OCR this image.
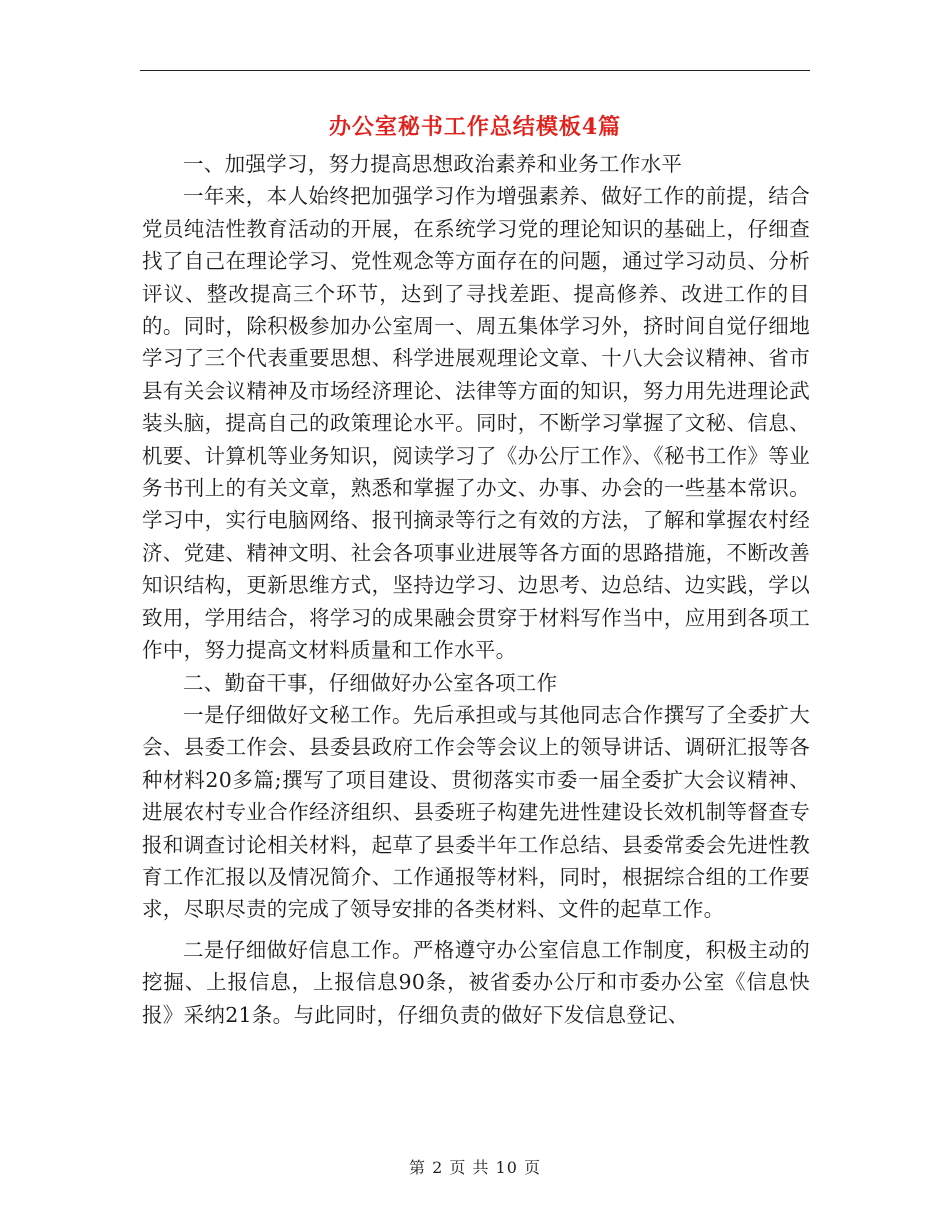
办公室秘书工作总结模板4篇

一、加强学习，努力提高思想政治素养和业务工作水平

一年来，本人始终把加强学习作为增强素养、做好工作的前提，结合党员纯洁性教育活动的开展，在系统学习党的理论知识的基础上，仔细查找了自己在理论学习、党性观念等方面存在的问题，通过学习动员、分析评议、整改提高三个环节，达到了寻找差距、提高修养、改进工作的目的。同时，除积极参加办公室周一、周五集体学习外，挤时间自觉仔细地学习了三个代表重要思想、科学进展观理论文章、十八大会议精神、省市县有关会议精神及市场经济理论、法律等方面的知识，努力用先进理论武装头脑，提高自己的政策理论水平。同时，不断学习掌握了文秘、信息、机要、计算机等业务知识，阅读学习了《办公厅工作》、《秘书工作》等业务书刊上的有关文章，熟悉和掌握了办文、办事、办会的一些基本常识。学习中，实行电脑网络、报刊摘录等行之有效的方法，了解和掌握农村经济、党建、精神文明、社会各项事业进展等各方面的思路措施，不断改善知识结构，更新思维方式，坚持边学习、边思考、边总结、边实践，学以致用，学用结合，将学习的成果融会贯穿于材料写作当中，应用到各项工作中，努力提高文材料质量和工作水平。

二、勤奋干事，仔细做好办公室各项工作

一是仔细做好文秘工作。先后承担或与其他同志合作撰写了全委扩大会、县委工作会、县委县政府工作会等会议上的领导讲话、调研汇报等各种材料20多篇;撰写了项目建设、贯彻落实市委一届全委扩大会议精神、进展农村专业合作经济组织、县委班子构建先进性建设长效机制等督查专报和调查讨论相关材料，起草了县委半年工作总结、县委常委会先进性教育工作汇报以及情况简介、工作通报等材料，同时，根据综合组的工作要求，尽职尽责的完成了领导安排的各类材料、文件的起草工作。

二是仔细做好信息工作。严格遵守办公室信息工作制度，积极主动的挖掘、上报信息，上报信息90条，被省委办公厅和市委办公室《信息快报》采纳21条。与此同时，仔细负责的做好下发信息登记、

第 2 页 共 10 页
